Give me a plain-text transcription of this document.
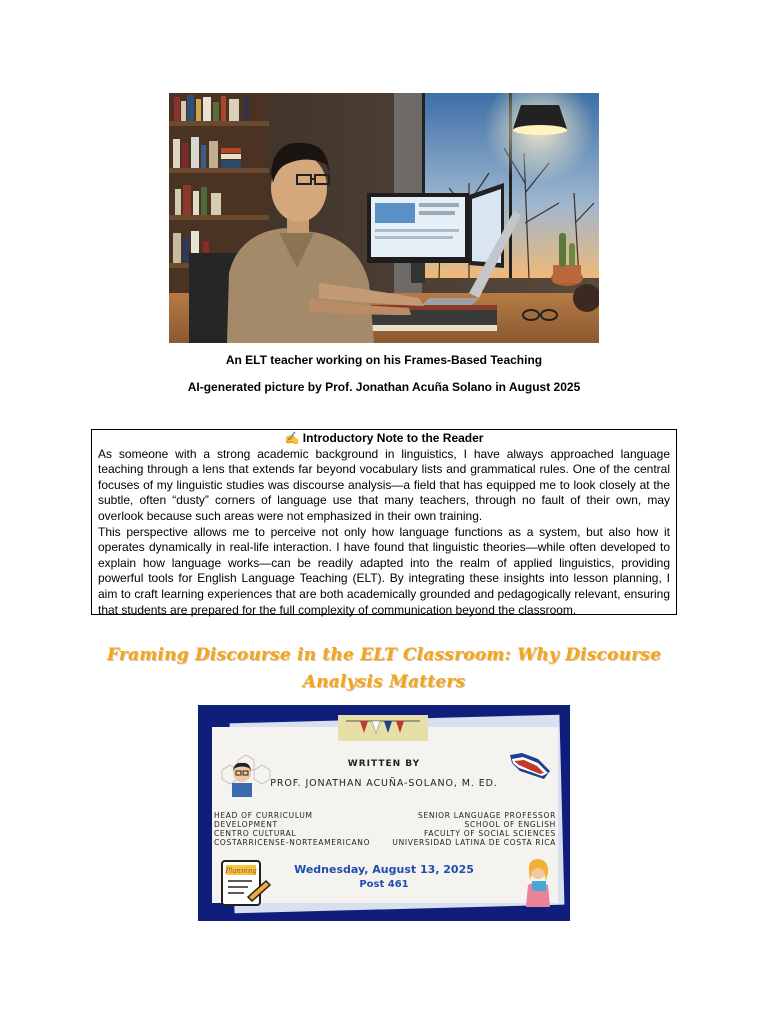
An ELT teacher working on his Frames-Based Teaching
AI-generated picture by Prof. Jonathan Acuña Solano in August 2025
✍ Introductory Note to the Reader

As someone with a strong academic background in linguistics, I have always approached language teaching through a lens that extends far beyond vocabulary lists and grammatical rules. One of the central focuses of my linguistic studies was discourse analysis—a field that has equipped me to look closely at the subtle, often “dusty” corners of language use that many teachers, through no fault of their own, may overlook because such areas were not emphasized in their own training.

This perspective allows me to perceive not only how language functions as a system, but also how it operates dynamically in real-life interaction. I have found that linguistic theories—while often developed to explain how language works—can be readily adapted into the realm of applied linguistics, providing powerful tools for English Language Teaching (ELT). By integrating these insights into lesson planning, I aim to craft learning experiences that are both academically grounded and pedagogically relevant, ensuring that students are prepared for the full complexity of communication beyond the classroom.

Framing Discourse in the ELT Classroom: Why Discourse
Analysis Matters
WRITTEN BY
PROF. JONATHAN ACUÑA-SOLANO, M. ED.
HEAD OF CURRICULUM
DEVELOPMENT
CENTRO CULTURAL
COSTARRICENSE-NORTEAMERICANO
SENIOR LANGUAGE PROFESSOR
SCHOOL OF ENGLISH
FACULTY OF SOCIAL SCIENCES
UNIVERSIDAD LATINA DE COSTA RICA
Planning	Wednesday, August 13, 2025
Post 461
